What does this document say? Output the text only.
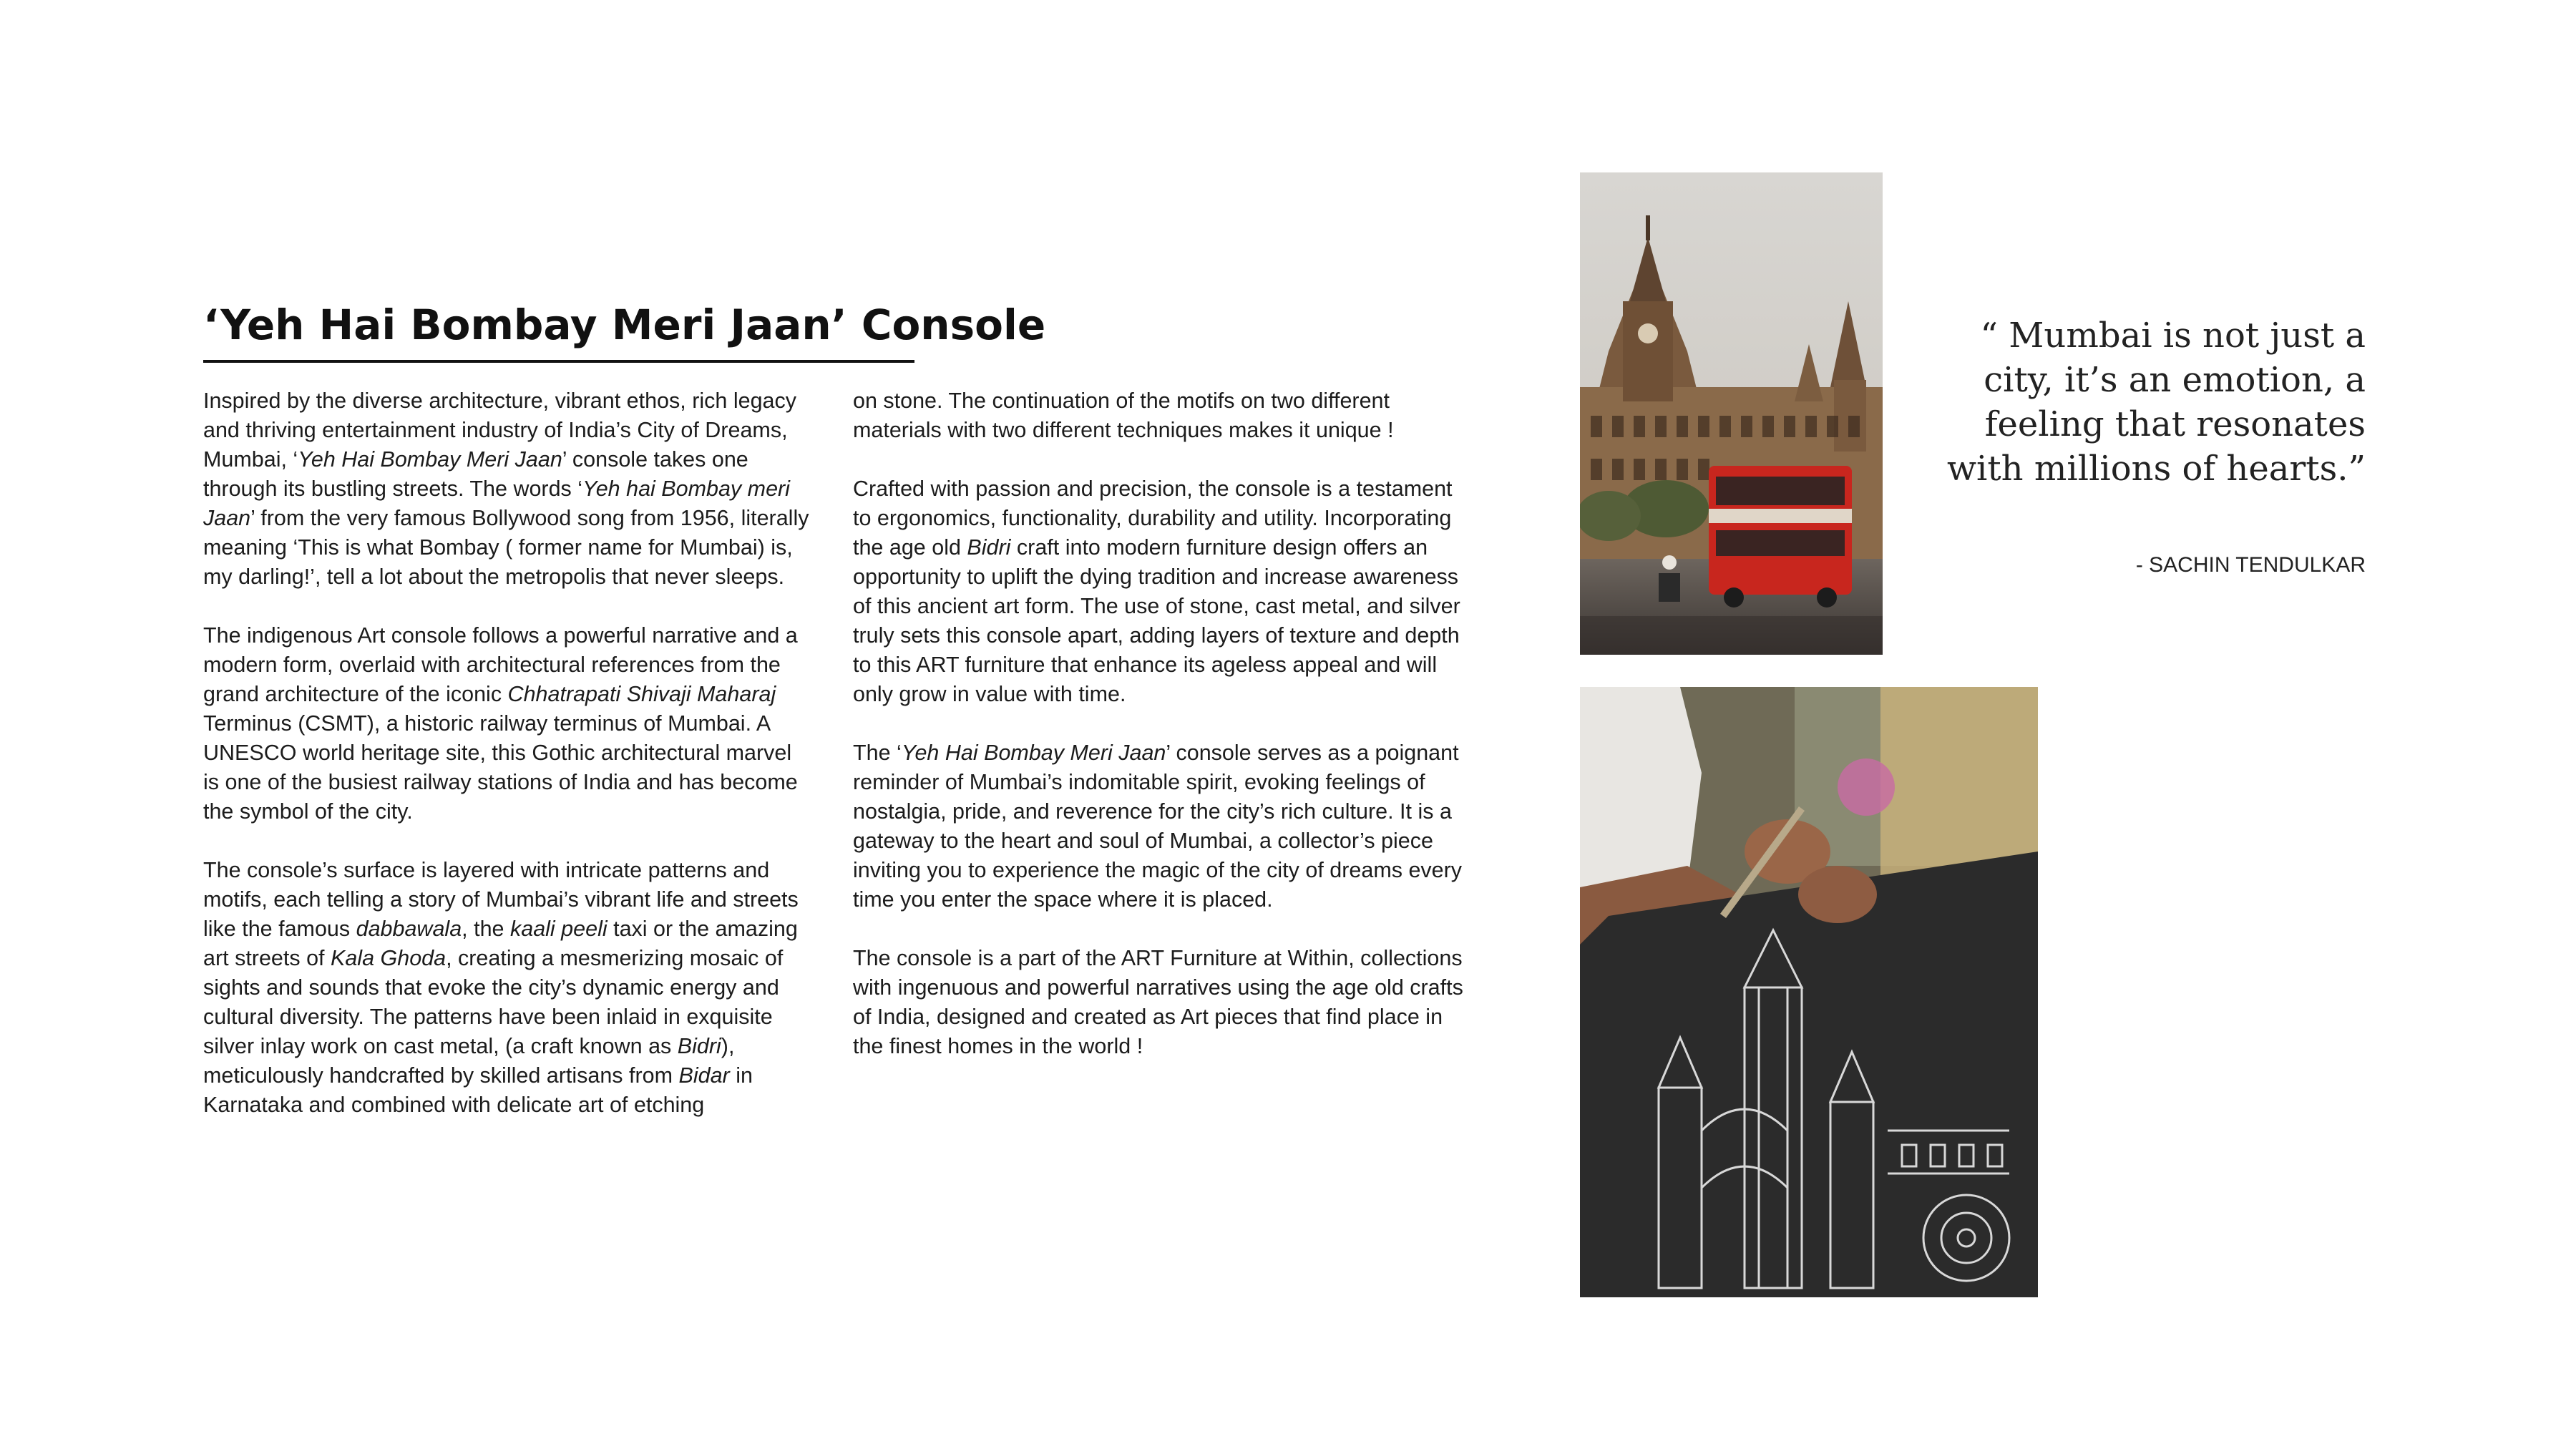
‘Yeh Hai Bombay Meri Jaan’ Console

Inspired by the diverse architecture, vibrant ethos, rich legacy and thriving entertainment industry of India’s City of Dreams, Mumbai, ‘Yeh Hai Bombay Meri Jaan’ console takes one through its bustling streets. The words ‘Yeh hai Bombay meri Jaan’ from the very famous Bollywood song from 1956, literally meaning ‘This is what Bombay ( former name for Mumbai) is, my darling!’, tell a lot about the metropolis that never sleeps.

The indigenous Art console follows a powerful narrative and a modern form, overlaid with architectural references from the grand architecture of the iconic Chhatrapati Shivaji Maharaj Terminus (CSMT), a historic railway terminus of Mumbai. A UNESCO world heritage site, this Gothic architectural marvel is one of the busiest railway stations of India and has become the symbol of the city.

The console’s surface is layered with intricate patterns and motifs, each telling a story of Mumbai’s vibrant life and streets like the famous dabbawala, the kaali peeli taxi or the amazing art streets of Kala Ghoda, creating a mesmerizing mosaic of sights and sounds that evoke the city’s dynamic energy and cultural diversity. The patterns have been inlaid in exquisite silver inlay work on cast metal, (a craft known as Bidri), meticulously handcrafted by skilled artisans from Bidar in Karnataka and combined with delicate art of etching

on stone. The continuation of the motifs on two different materials with two different techniques makes it unique !

Crafted with passion and precision, the console is a testament to ergonomics, functionality, durability and utility. Incorporating the age old Bidri craft into modern furniture design offers an opportunity to uplift the dying tradition and increase awareness of this ancient art form. The use of stone, cast metal, and silver truly sets this console apart, adding layers of texture and depth to this ART furniture that enhance its ageless appeal and will only grow in value with time.

The ‘Yeh Hai Bombay Meri Jaan’ console serves as a poignant reminder of Mumbai’s indomitable spirit, evoking feelings of nostalgia, pride, and reverence for the city’s rich culture. It is a gateway to the heart and soul of Mumbai, a collector’s piece inviting you to experience the magic of the city of dreams every time you enter the space where it is placed.

The console is a part of the ART Furniture at Within, collections with ingenuous and powerful narratives using the age old crafts of India, designed and created as Art pieces that find place in the finest homes in the world !

“ Mumbai is not just a city, it’s an emotion, a feeling that resonates with millions of hearts.”
- SACHIN TENDULKAR
